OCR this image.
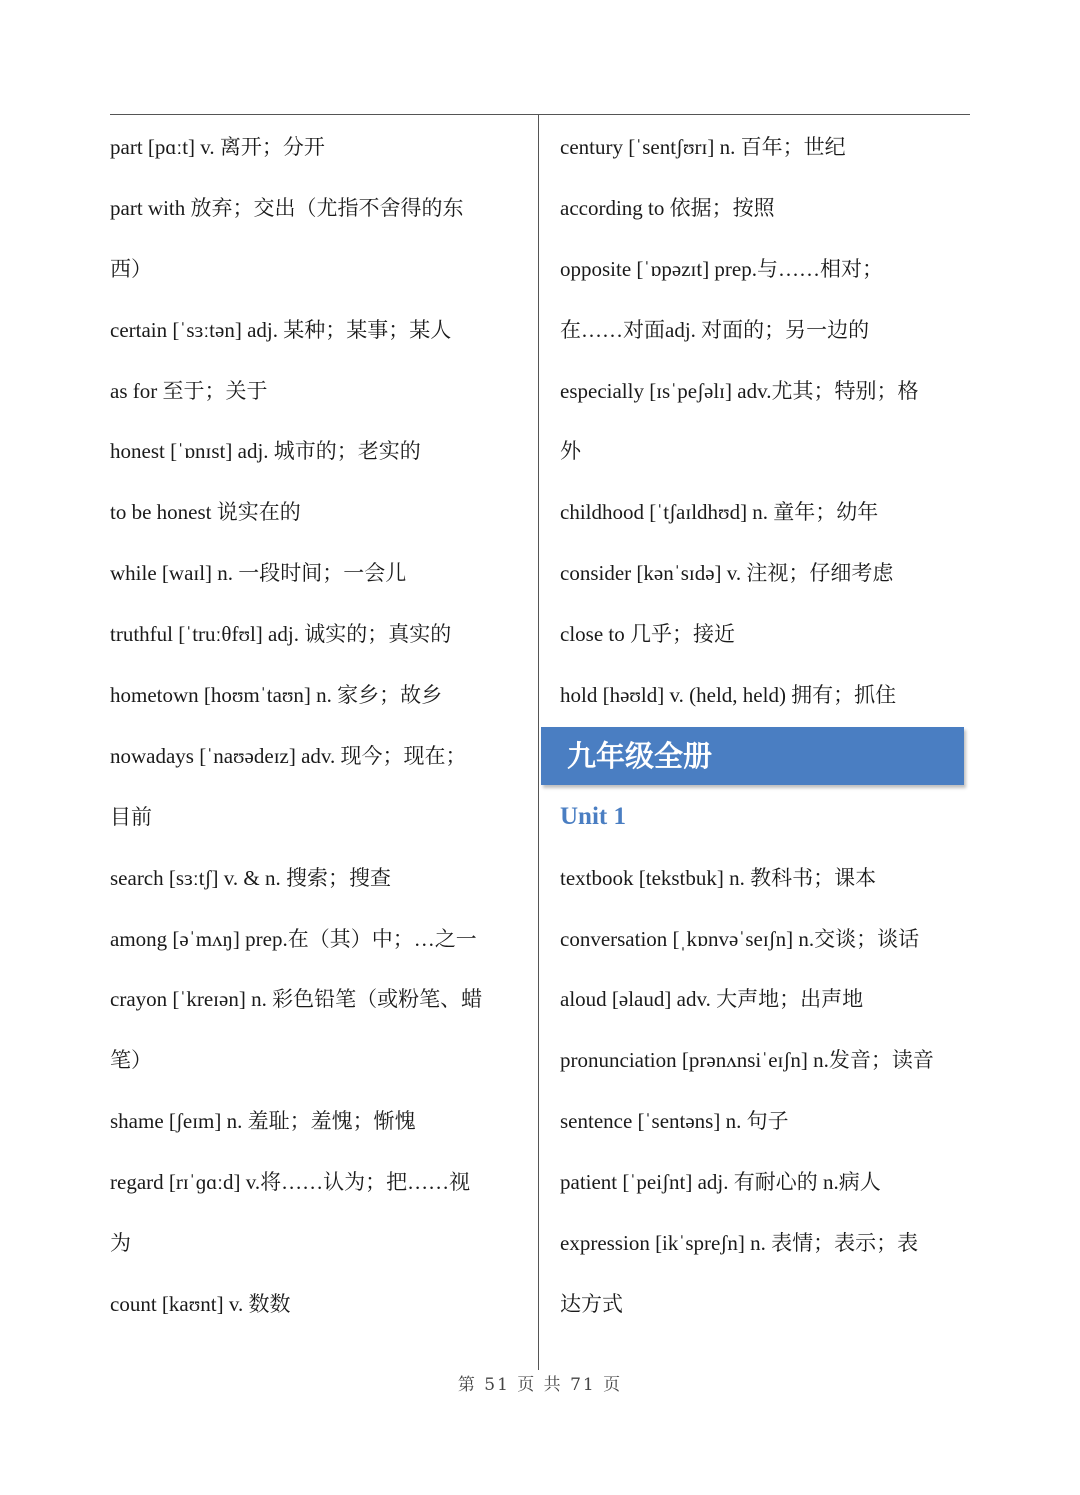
part [pɑːt] v. 离开；分开
part with 放弃；交出（尤指不舍得的东
西）
certain [ˈsɜːtən] adj. 某种；某事；某人
as for 至于；关于
honest [ˈɒnɪst] adj. 城市的；老实的
to be honest 说实在的
while [waɪl] n. 一段时间；一会儿
truthful [ˈtruːθfʊl] adj. 诚实的；真实的
hometown [hoʊmˈtaʊn] n. 家乡；故乡
nowadays [ˈnaʊədeɪz] adv. 现今；现在；
目前
search [sɜːtʃ] v. & n. 搜索；搜查
among [əˈmʌŋ] prep.在（其）中；…之一
crayon [ˈkreɪən] n. 彩色铅笔（或粉笔、蜡
笔）
shame [ʃeɪm] n. 羞耻；羞愧；惭愧
regard [rɪˈɡɑːd] v.将……认为；把……视
为
count [kaʊnt] v. 数数
century [ˈsentʃʊrɪ] n. 百年；世纪
according to 依据；按照
opposite [ˈɒpəzɪt] prep.与……相对；
在……对面adj. 对面的；另一边的
especially [ɪsˈpeʃəlɪ] adv.尤其；特别；格
外
childhood [ˈtʃaɪldhʊd] n. 童年；幼年
consider [kənˈsɪdə] v. 注视；仔细考虑
close to 几乎；接近
hold [həʊld] v. (held, held) 拥有；抓住
Unit 1
textbook [tekstbuk] n. 教科书；课本
conversation [ˌkɒnvəˈseɪʃn] n.交谈；谈话
aloud [əlaud] adv. 大声地；出声地
pronunciation [prənʌnsiˈeɪʃn] n.发音；读音
sentence [ˈsentəns] n. 句子
patient [ˈpeiʃnt] adj. 有耐心的 n.病人
expression [ikˈspreʃn] n. 表情；表示；表
达方式
九年级全册
第 51 页 共 71 页
